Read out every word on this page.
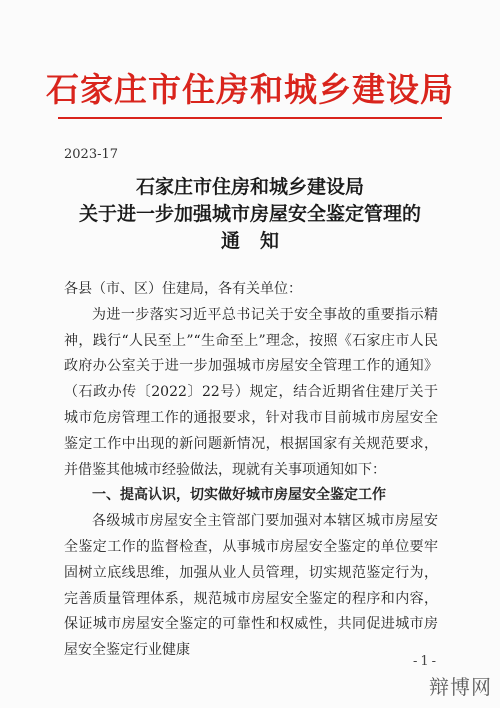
石家庄市住房和城乡建设局
2023-17
石家庄市住房和城乡建设局
关于进一步加强城市房屋安全鉴定管理的
通知

各县（市、区）住建局，各有关单位：

为进一步落实习近平总书记关于安全事故的重要指示精神，践行“人民至上”“生命至上”理念，按照《石家庄市人民政府办公室关于进一步加强城市房屋安全管理工作的通知》（石政办传〔2022〕22号）规定，结合近期省住建厅关于城市危房管理工作的通报要求，针对我市目前城市房屋安全鉴定工作中出现的新问题新情况，根据国家有关规范要求，并借鉴其他城市经验做法，现就有关事项通知如下：

一、提高认识，切实做好城市房屋安全鉴定工作

各级城市房屋安全主管部门要加强对本辖区城市房屋安全鉴定工作的监督检查，从事城市房屋安全鉴定的单位要牢固树立底线思维，加强从业人员管理，切实规范鉴定行为，完善质量管理体系，规范城市房屋安全鉴定的程序和内容，保证城市房屋安全鉴定的可靠性和权威性，共同促进城市房屋安全鉴定行业健康

-1-
辩博网
